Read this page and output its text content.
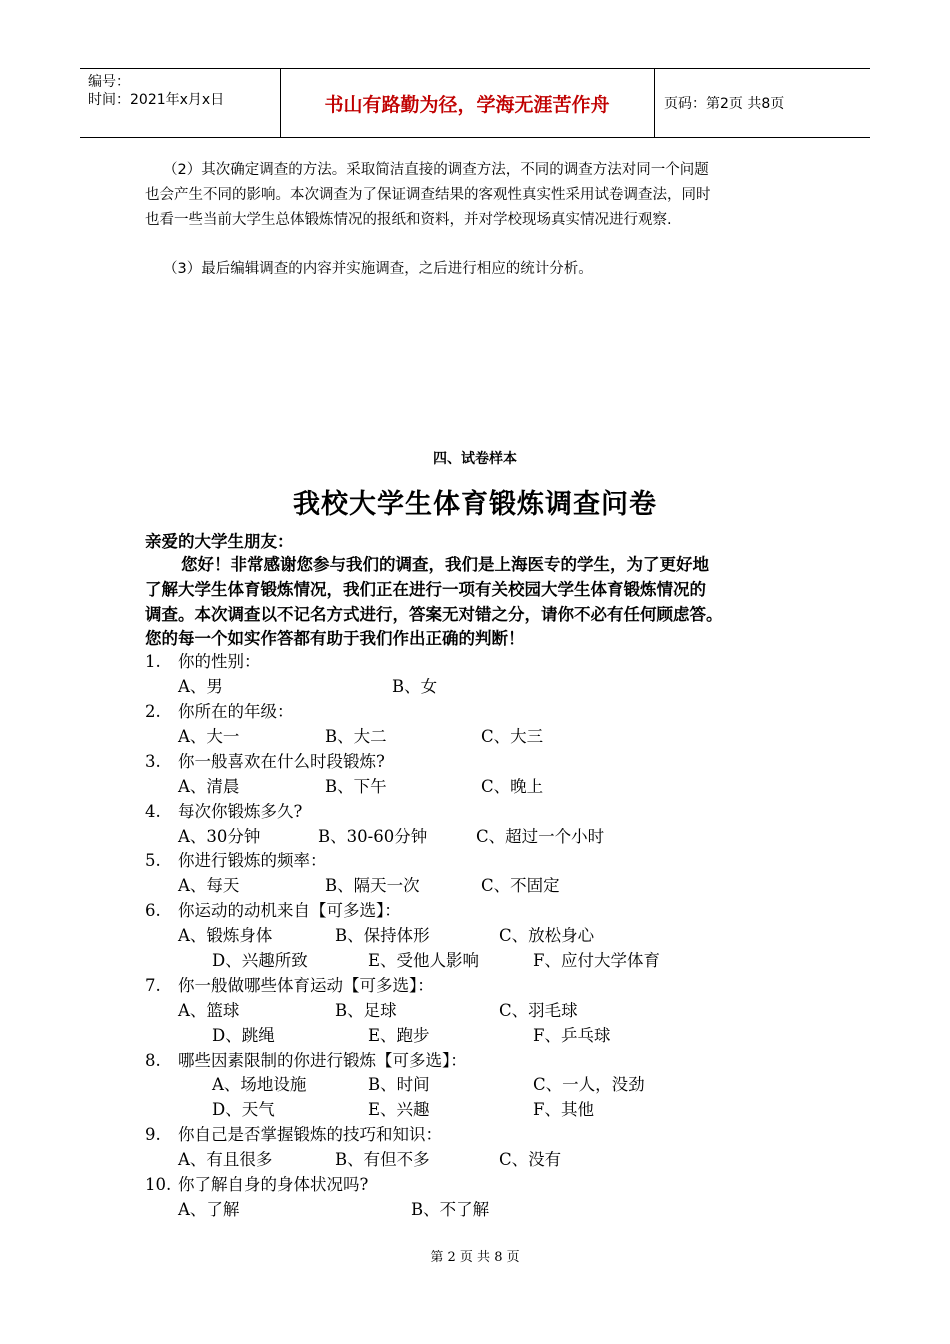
编号：
时间：2021年x月x日	书山有路勤为径，学海无涯苦作舟	页码：第2页 共8页
（2）其次确定调查的方法。采取简洁直接的调查方法，不同的调查方法对同一个问题
也会产生不同的影响。本次调查为了保证调查结果的客观性真实性采用试卷调查法，同时
也看一些当前大学生总体锻炼情况的报纸和资料，并对学校现场真实情况进行观察.
（3）最后编辑调查的内容并实施调查，之后进行相应的统计分析。
四、试卷样本
我校大学生体育锻炼调查问卷
亲爱的大学生朋友：
您好！非常感谢您参与我们的调查，我们是上海医专的学生，为了更好地
了解大学生体育锻炼情况，我们正在进行一项有关校园大学生体育锻炼情况的
调查。本次调查以不记名方式进行，答案无对错之分，请你不必有任何顾虑答。
您的每一个如实作答都有助于我们作出正确的判断！
1. 你的性别：
A、男	B、女
2. 你所在的年级：
A、大一	B、大二	C、大三
3. 你一般喜欢在什么时段锻炼?
A、清晨	B、下午	C、晚上
4. 每次你锻炼多久?
A、30分钟	B、30-60分钟	C、超过一个小时
5. 你进行锻炼的频率：
A、每天	B、隔天一次	C、不固定
6. 你运动的动机来自【可多选】：
A、锻炼身体	B、保持体形	C、放松身心
D、兴趣所致	E、受他人影响	F、应付大学体育
7. 你一般做哪些体育运动【可多选】：
A、篮球	B、足球	C、羽毛球
D、跳绳	E、跑步	F、乒乓球
8. 哪些因素限制的你进行锻炼【可多选】：
A、场地设施	B、时间	C、一人，没劲
D、天气	E、兴趣	F、其他
9. 你自己是否掌握锻炼的技巧和知识：
A、有且很多	B、有但不多	C、没有
10. 你了解自身的身体状况吗?
A、了解	B、不了解
第 2 页 共 8 页
